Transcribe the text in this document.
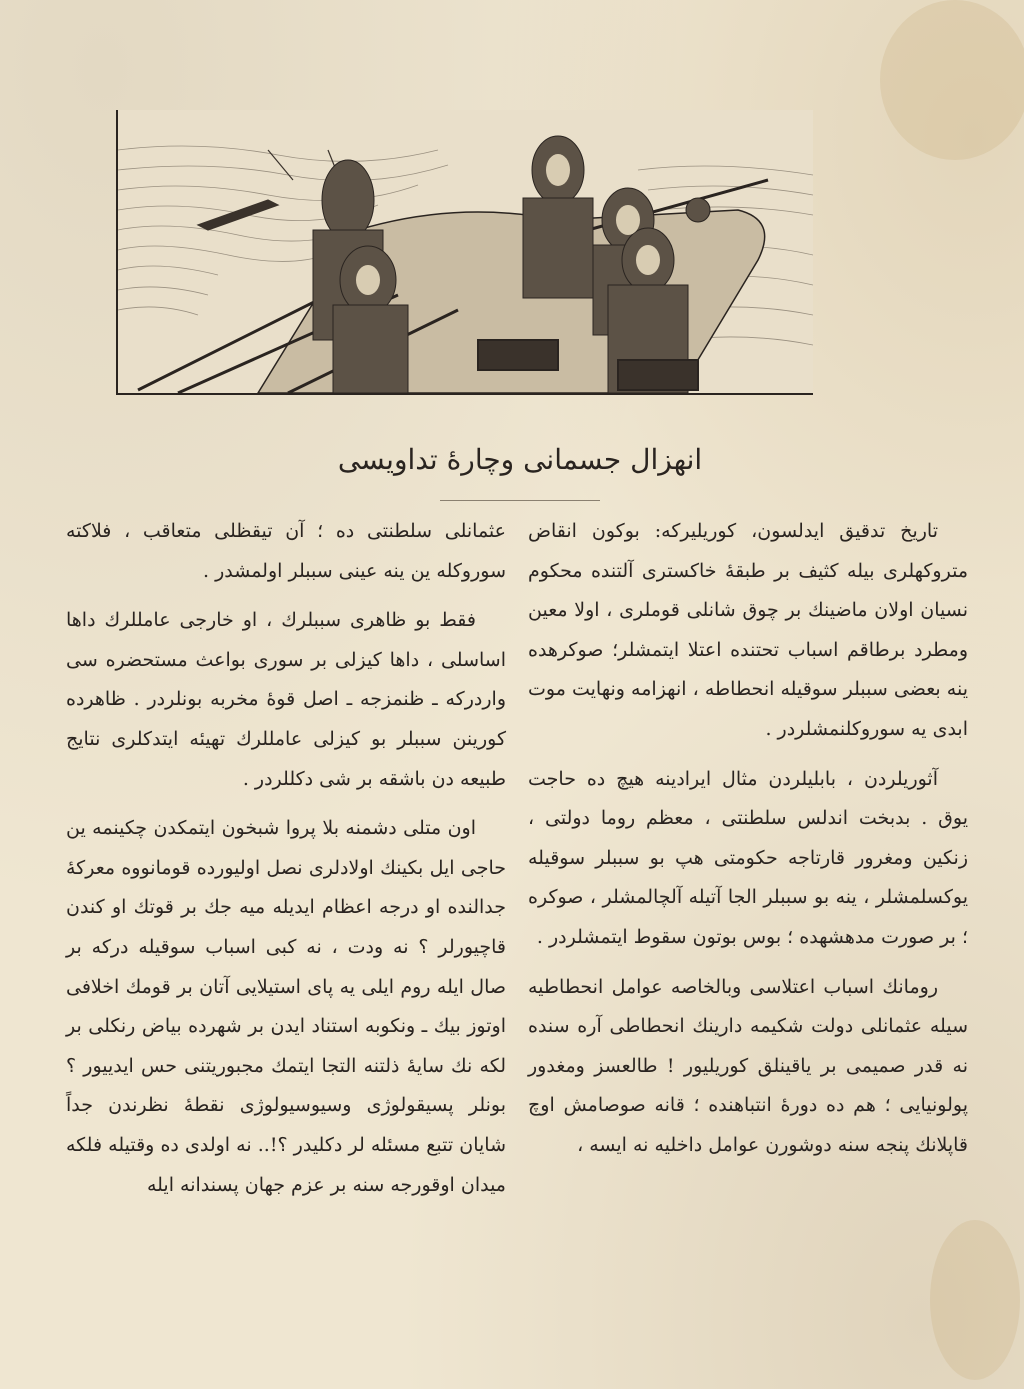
انهزال جسمانی وچارهٔ تداویسی

تاریخ تدقیق ایدلسون، کوریلیرکه: بوکون انقاض متروکهلری بیله کثیف بر طبقهٔ خاکستری آلتنده محکوم نسیان اولان ماضینك بر چوق شانلی قوملری ، اولا معین ومطرد برطاقم اسباب تحتنده اعتلا ایتمشلر؛ صوکرهده ینه بعضی سببلر سوقیله انحطاطه ، انهزامه ونهایت موت ابدی یه سوروکلنمشلردر .

آثوریلردن ، بابلیلردن مثال ایرادینه هیچ ده حاجت یوق . بدبخت اندلس سلطنتی ، معظم روما دولتی ، زنکین ومغرور قارتاجه حکومتی هپ بو سببلر سوقیله یوکسلمشلر ، ینه بو سببلر الجا آتیله آلچالمشلر ، صوکره ؛ بر صورت مدهشهده ؛ بوس بوتون سقوط ایتمشلردر .

رومانك اسباب اعتلاسی وبالخاصه عوامل انحطاطیه سیله عثمانلی دولت شکیمه دارینك انحطاطی آره سنده نه قدر صمیمی بر یاقینلق کوریلیور ! طالعسز ومغدور پولونیایی ؛ هم ده دورهٔ انتباهنده ؛ قانه صوصامش اوچ قاپلانك پنجه سنه دوشورن عوامل داخلیه نه ایسه ،

عثمانلی سلطنتی ده ؛ آن تیقظلی متعاقب ، فلاکته سوروکله ین ینه عینی سببلر اولمشدر .

فقط بو ظاهری سببلرك ، او خارجی عامللرك داها اساسلی ، داها کیزلی بر سوری بواعث مستحضره سی واردرکه ـ ظنمزجه ـ اصل قوهٔ مخربه بونلردر . ظاهرده کورینن سببلر بو کیزلی عامللرك تهیئه ایتدکلری نتایج طبیعه دن باشقه بر شی دکللردر .

اون متلی دشمنه بلا پروا شبخون ایتمکدن چکینمه ین حاجی ایل بکینك اولادلری نصل اولیورده قومانووه معرکهٔ جدالنده او درجه اعظام ایدیله میه جك بر قوتك او کندن قاچیورلر ؟ نه ودت ، نه کبی اسباب سوقیله درکه بر صال ایله روم ایلی یه پای استیلایی آتان بر قومك اخلافی اوتوز بیك ـ ونکوبه استناد ایدن بر شهرده بیاض رنکلی بر لکه نك سایهٔ ذلتنه التجا ایتمك مجبوریتنی حس ایدییور ؟ بونلر پسیقولوژی وسیوسیولوژی نقطهٔ نظرندن جداً شایان تتبع مسئله لر دکلیدر ؟!.. نه اولدی ده وقتیله فلکه میدان اوقورجه سنه بر عزم جهان پسندانه ایله
